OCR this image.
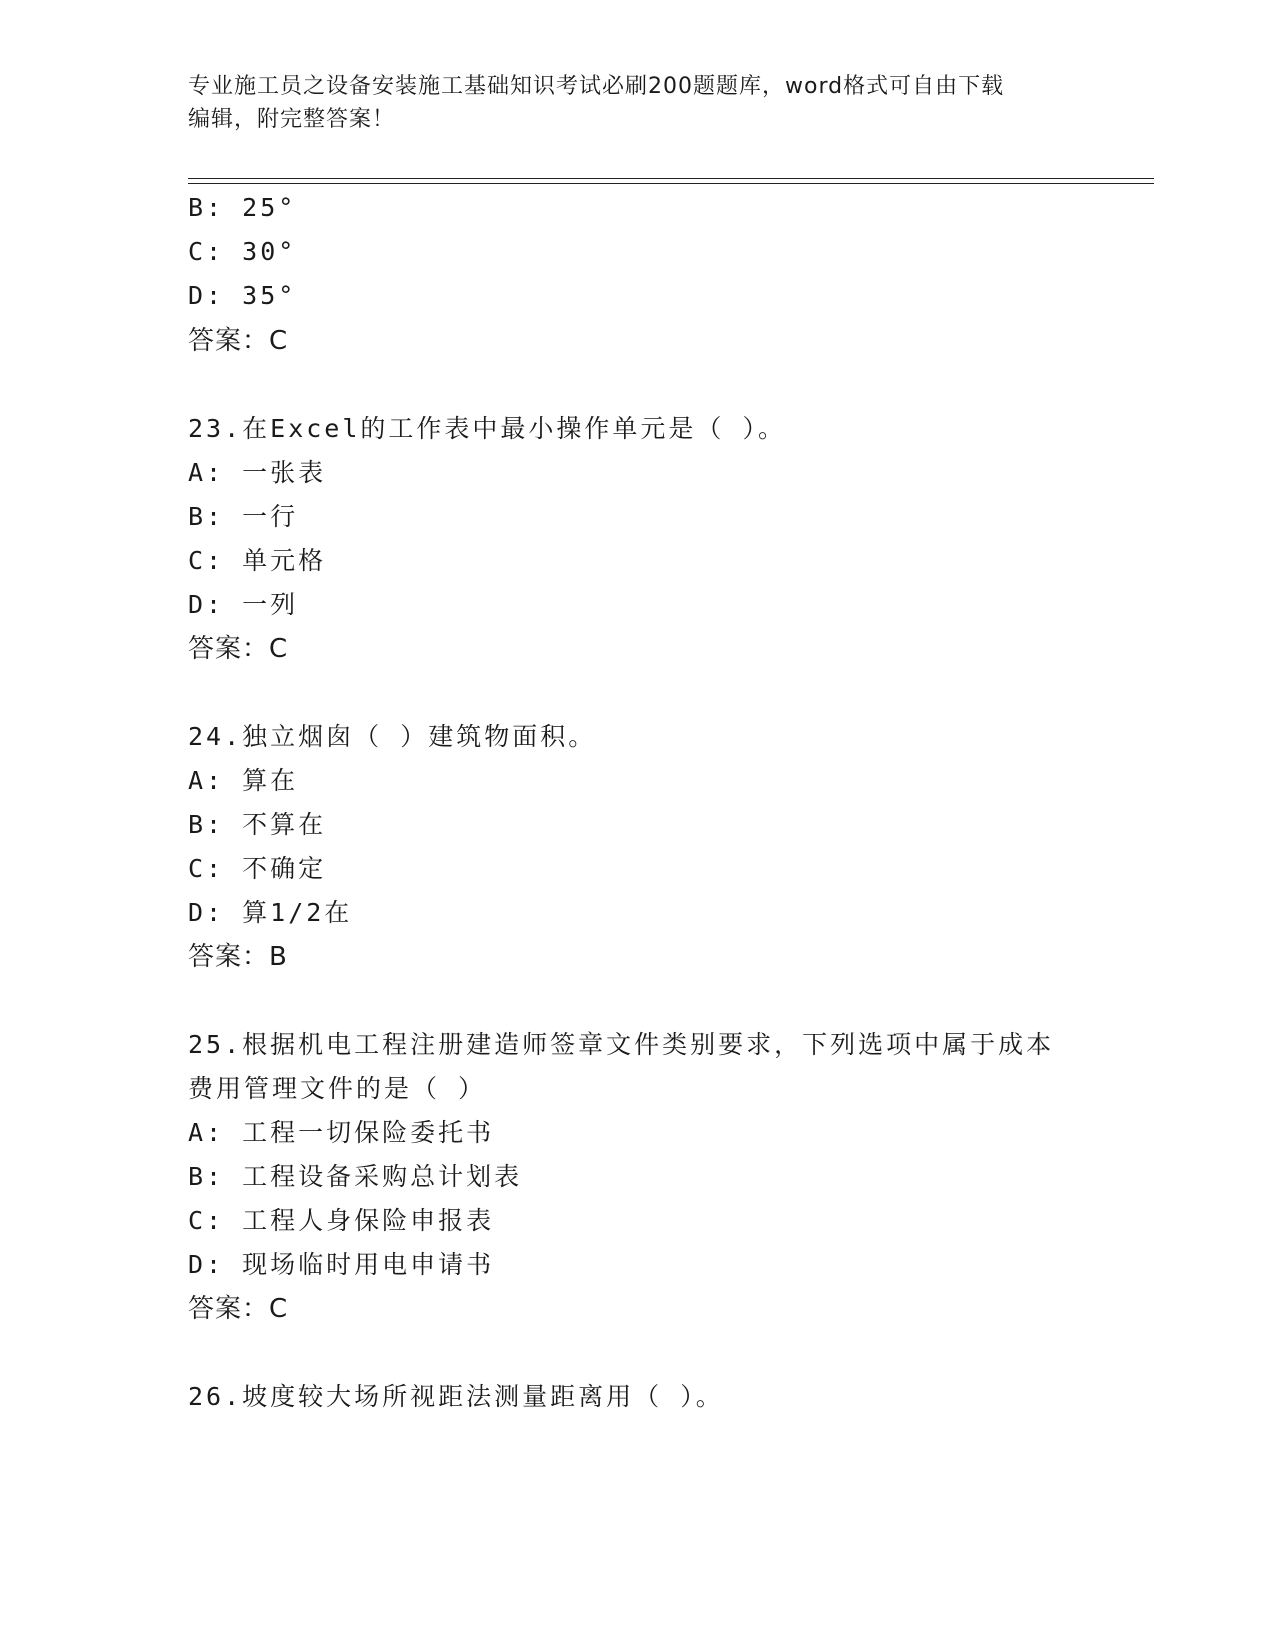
专业施工员之设备安装施工基础知识考试必刷200题题库，word格式可自由下载
编辑，附完整答案！
B: 25°
C: 30°
D: 35°
答案：C
23.在Excel的工作表中最小操作单元是（ ）。
A: 一张表
B: 一行
C: 单元格
D: 一列
答案：C
24.独立烟囱（ ）建筑物面积。
A: 算在
B: 不算在
C: 不确定
D: 算1/2在
答案：B
25.根据机电工程注册建造师签章文件类别要求，下列选项中属于成本
费用管理文件的是（ ）
A: 工程一切保险委托书
B: 工程设备采购总计划表
C: 工程人身保险申报表
D: 现场临时用电申请书
答案：C
26.坡度较大场所视距法测量距离用（ ）。
